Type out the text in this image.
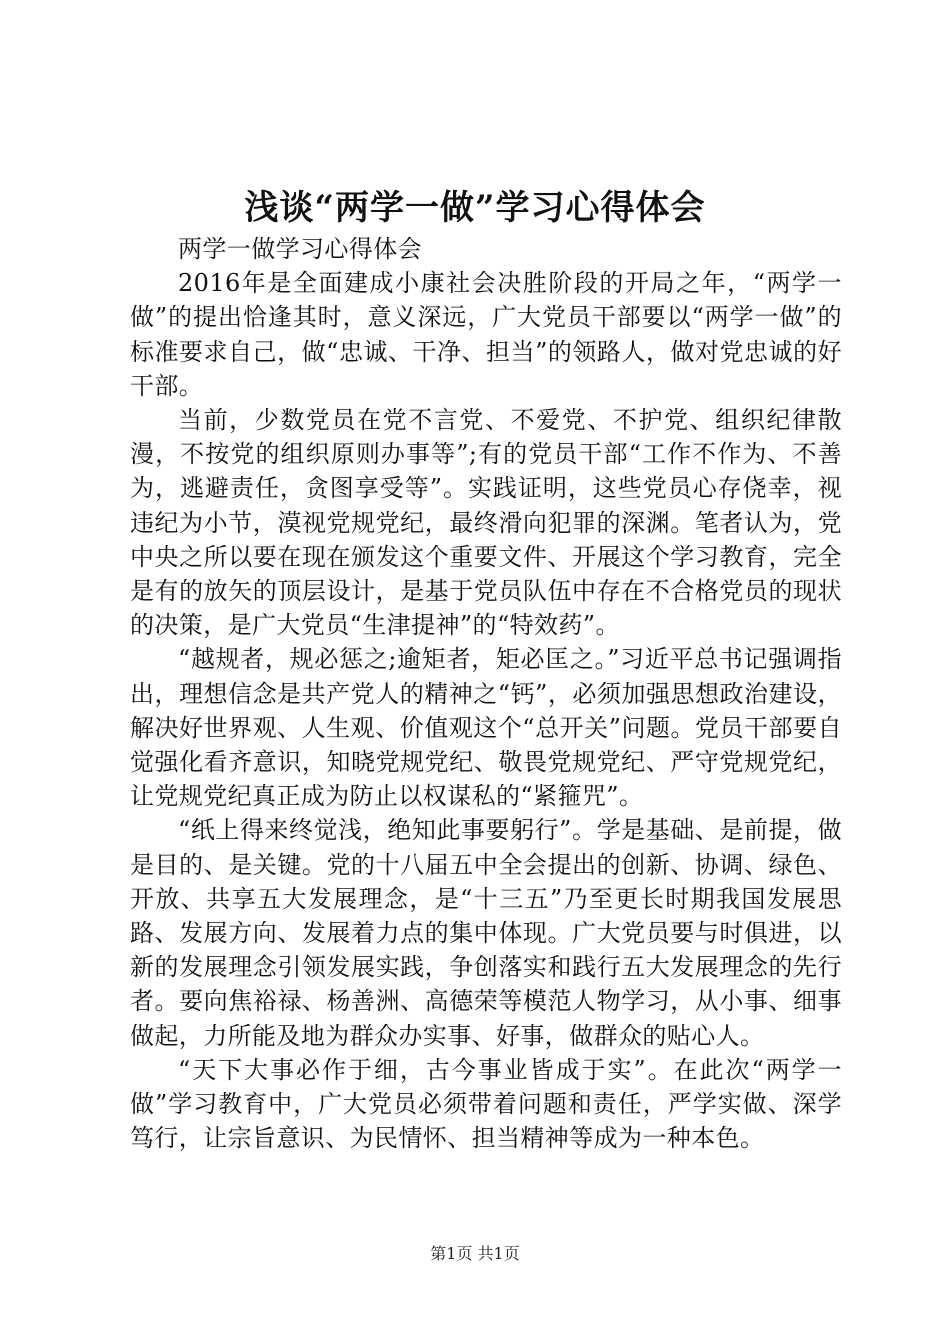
浅谈“两学一做”学习心得体会

两学一做学习心得体会

2016年是全面建成小康社会决胜阶段的开局之年，“两学一做”的提出恰逢其时，意义深远，广大党员干部要以“两学一做”的标准要求自己，做“忠诚、干净、担当”的领路人，做对党忠诚的好干部。

当前，少数党员在党不言党、不爱党、不护党、组织纪律散漫，不按党的组织原则办事等”;有的党员干部“工作不作为、不善为，逃避责任，贪图享受等”。实践证明，这些党员心存侥幸，视违纪为小节，漠视党规党纪，最终滑向犯罪的深渊。笔者认为，党中央之所以要在现在颁发这个重要文件、开展这个学习教育，完全是有的放矢的顶层设计，是基于党员队伍中存在不合格党员的现状的决策，是广大党员“生津提神”的“特效药”。

“越规者，规必惩之;逾矩者，矩必匡之。”习近平总书记强调指出，理想信念是共产党人的精神之“钙”，必须加强思想政治建设，解决好世界观、人生观、价值观这个“总开关”问题。党员干部要自觉强化看齐意识，知晓党规党纪、敬畏党规党纪、严守党规党纪，让党规党纪真正成为防止以权谋私的“紧箍咒”。

“纸上得来终觉浅，绝知此事要躬行”。学是基础、是前提，做是目的、是关键。党的十八届五中全会提出的创新、协调、绿色、开放、共享五大发展理念，是“十三五”乃至更长时期我国发展思路、发展方向、发展着力点的集中体现。广大党员要与时俱进，以新的发展理念引领发展实践，争创落实和践行五大发展理念的先行者。要向焦裕禄、杨善洲、高德荣等模范人物学习，从小事、细事做起，力所能及地为群众办实事、好事，做群众的贴心人。

“天下大事必作于细，古今事业皆成于实”。在此次“两学一做”学习教育中，广大党员必须带着问题和责任，严学实做、深学笃行，让宗旨意识、为民情怀、担当精神等成为一种本色。

第1页 共1页
